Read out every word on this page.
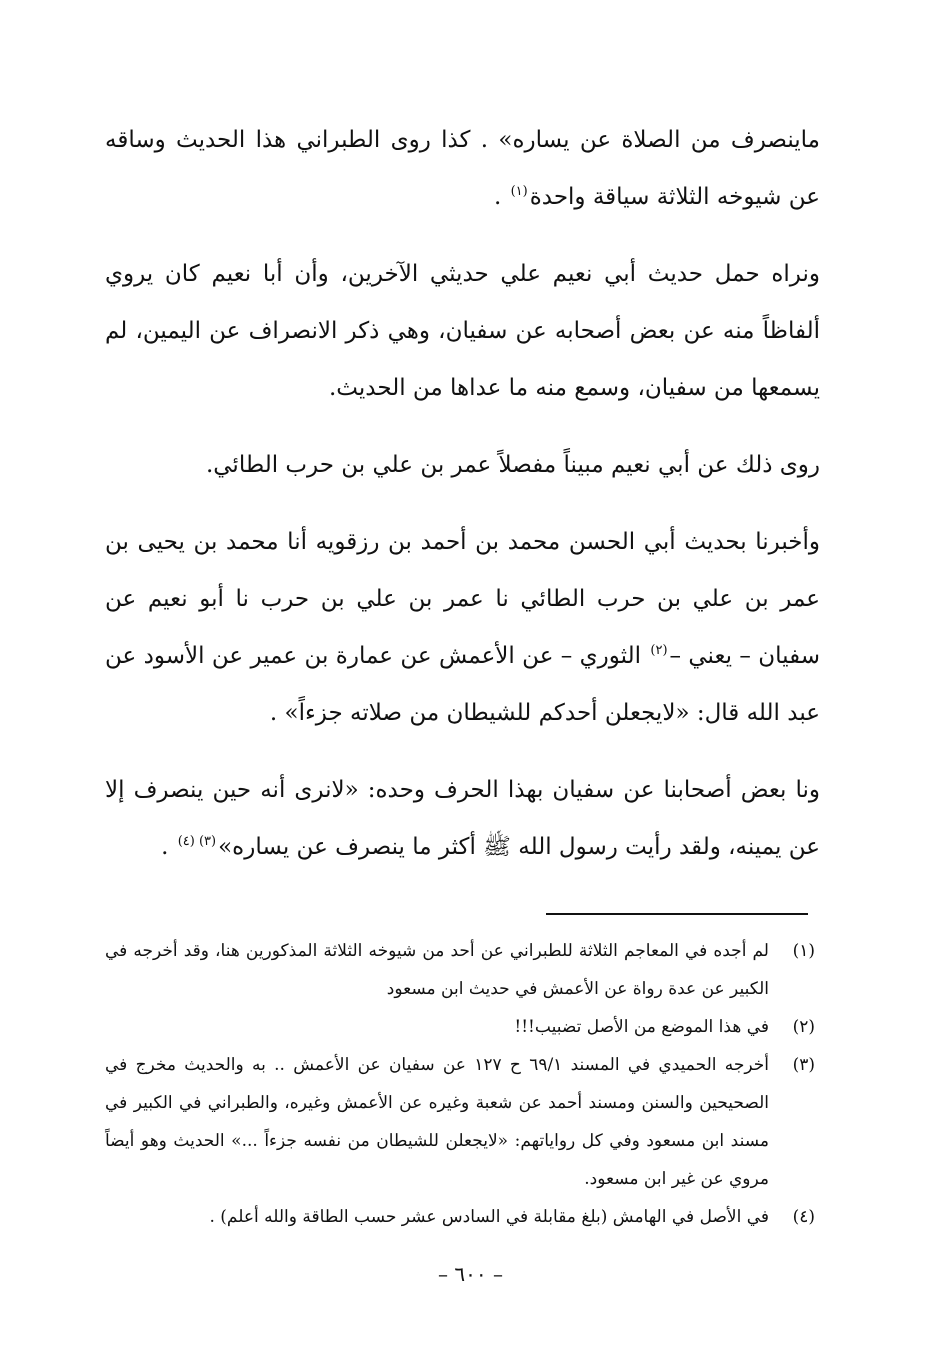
ماينصرف من الصلاة عن يساره» . كذا روى الطبراني هذا الحديث وساقه عن شيوخه الثلاثة سياقة واحدة$^{(١)}$ .

ونراه حمل حديث أبي نعيم علي حديثي الآخرين، وأن أبا نعيم كان يروي ألفاظاً منه عن بعض أصحابه عن سفيان، وهي ذكر الانصراف عن اليمين، لم يسمعها من سفيان، وسمع منه ما عداها من الحديث.

روى ذلك عن أبي نعيم مبيناً مفصلاً عمر بن علي بن حرب الطائي.

وأخبرنا بحديث أبي الحسن محمد بن أحمد بن رزقويه أنا محمد بن يحيى بن عمر بن علي بن حرب الطائي نا عمر بن علي بن حرب نا أبو نعيم عن سفيان – يعني –$^{(٢)}$ الثوري – عن الأعمش عن عمارة بن عمير عن الأسود عن عبد الله قال: «لايجعلن أحدكم للشيطان من صلاته جزءاً» .

ونا بعض أصحابنا عن سفيان بهذا الحرف وحده: «لانرى أنه حين ينصرف إلا عن يمينه، ولقد رأيت رسول الله ﷺ أكثر ما ينصرف عن يساره»$^{(٣) (٤)}$ .

(١)
لم أجده في المعاجم الثلاثة للطبراني عن أحد من شيوخه الثلاثة المذكورين هنا، وقد أخرجه في الكبير عن عدة رواة عن الأعمش في حديث ابن مسعود
(٢)
في هذا الموضع من الأصل تضبيب!!!
(٣)
أخرجه الحميدي في المسند ٦٩/١ ح ١٢٧ عن سفيان عن الأعمش .. به والحديث مخرج في الصحيحين والسنن ومسند أحمد عن شعبة وغيره عن الأعمش وغيره، والطبراني في الكبير في مسند ابن مسعود وفي كل رواياتهم: «لايجعلن للشيطان من نفسه جزءاً ...» الحديث وهو أيضاً مروي عن غير ابن مسعود.
(٤)
في الأصل في الهامش (بلغ مقابلة في السادس عشر حسب الطاقة والله أعلم) .
– ٦٠٠ –
